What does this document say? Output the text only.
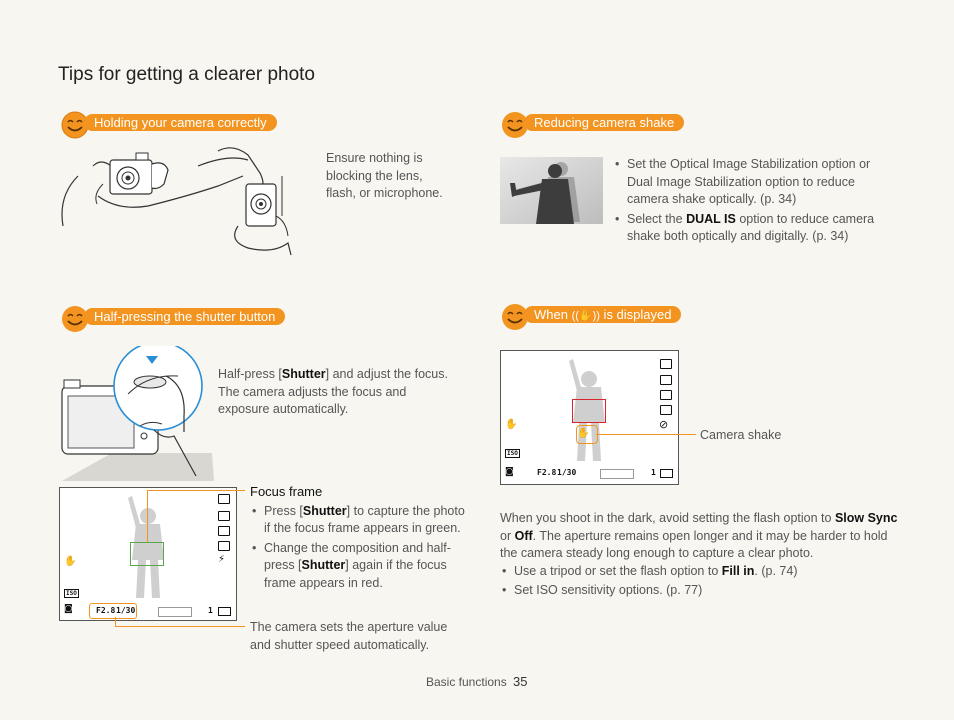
Tips for getting a clearer photo
Holding your camera correctly
Ensure nothing is blocking the lens, flash, or microphone.
Reducing camera shake
• Set the Optical Image Stabilization option or Dual Image Stabilization option to reduce camera shake optically. (p. 34)
• Select the DUAL IS option to reduce camera shake both optically and digitally. (p. 34)
Half-pressing the shutter button
Half-press [Shutter] and adjust the focus. The camera adjusts the focus and exposure automatically.
⚡
✋
ISO
◙	F2.8 1/30	1
Focus frame
• Press [Shutter] to capture the photo if the focus frame appears in green.
• Change the composition and half-press [Shutter] again if the focus frame appears in red.
The camera sets the aperture value and shutter speed automatically.
When ((✋)) is displayed
⊘
✋
✋
ISO
◙	F2.8 1/30	1
Camera shake
When you shoot in the dark, avoid setting the flash option to Slow Sync or Off. The aperture remains open longer and it may be harder to hold the camera steady long enough to capture a clear photo.
• Use a tripod or set the flash option to Fill in. (p. 74)
• Set ISO sensitivity options. (p. 77)
Basic functions 35
